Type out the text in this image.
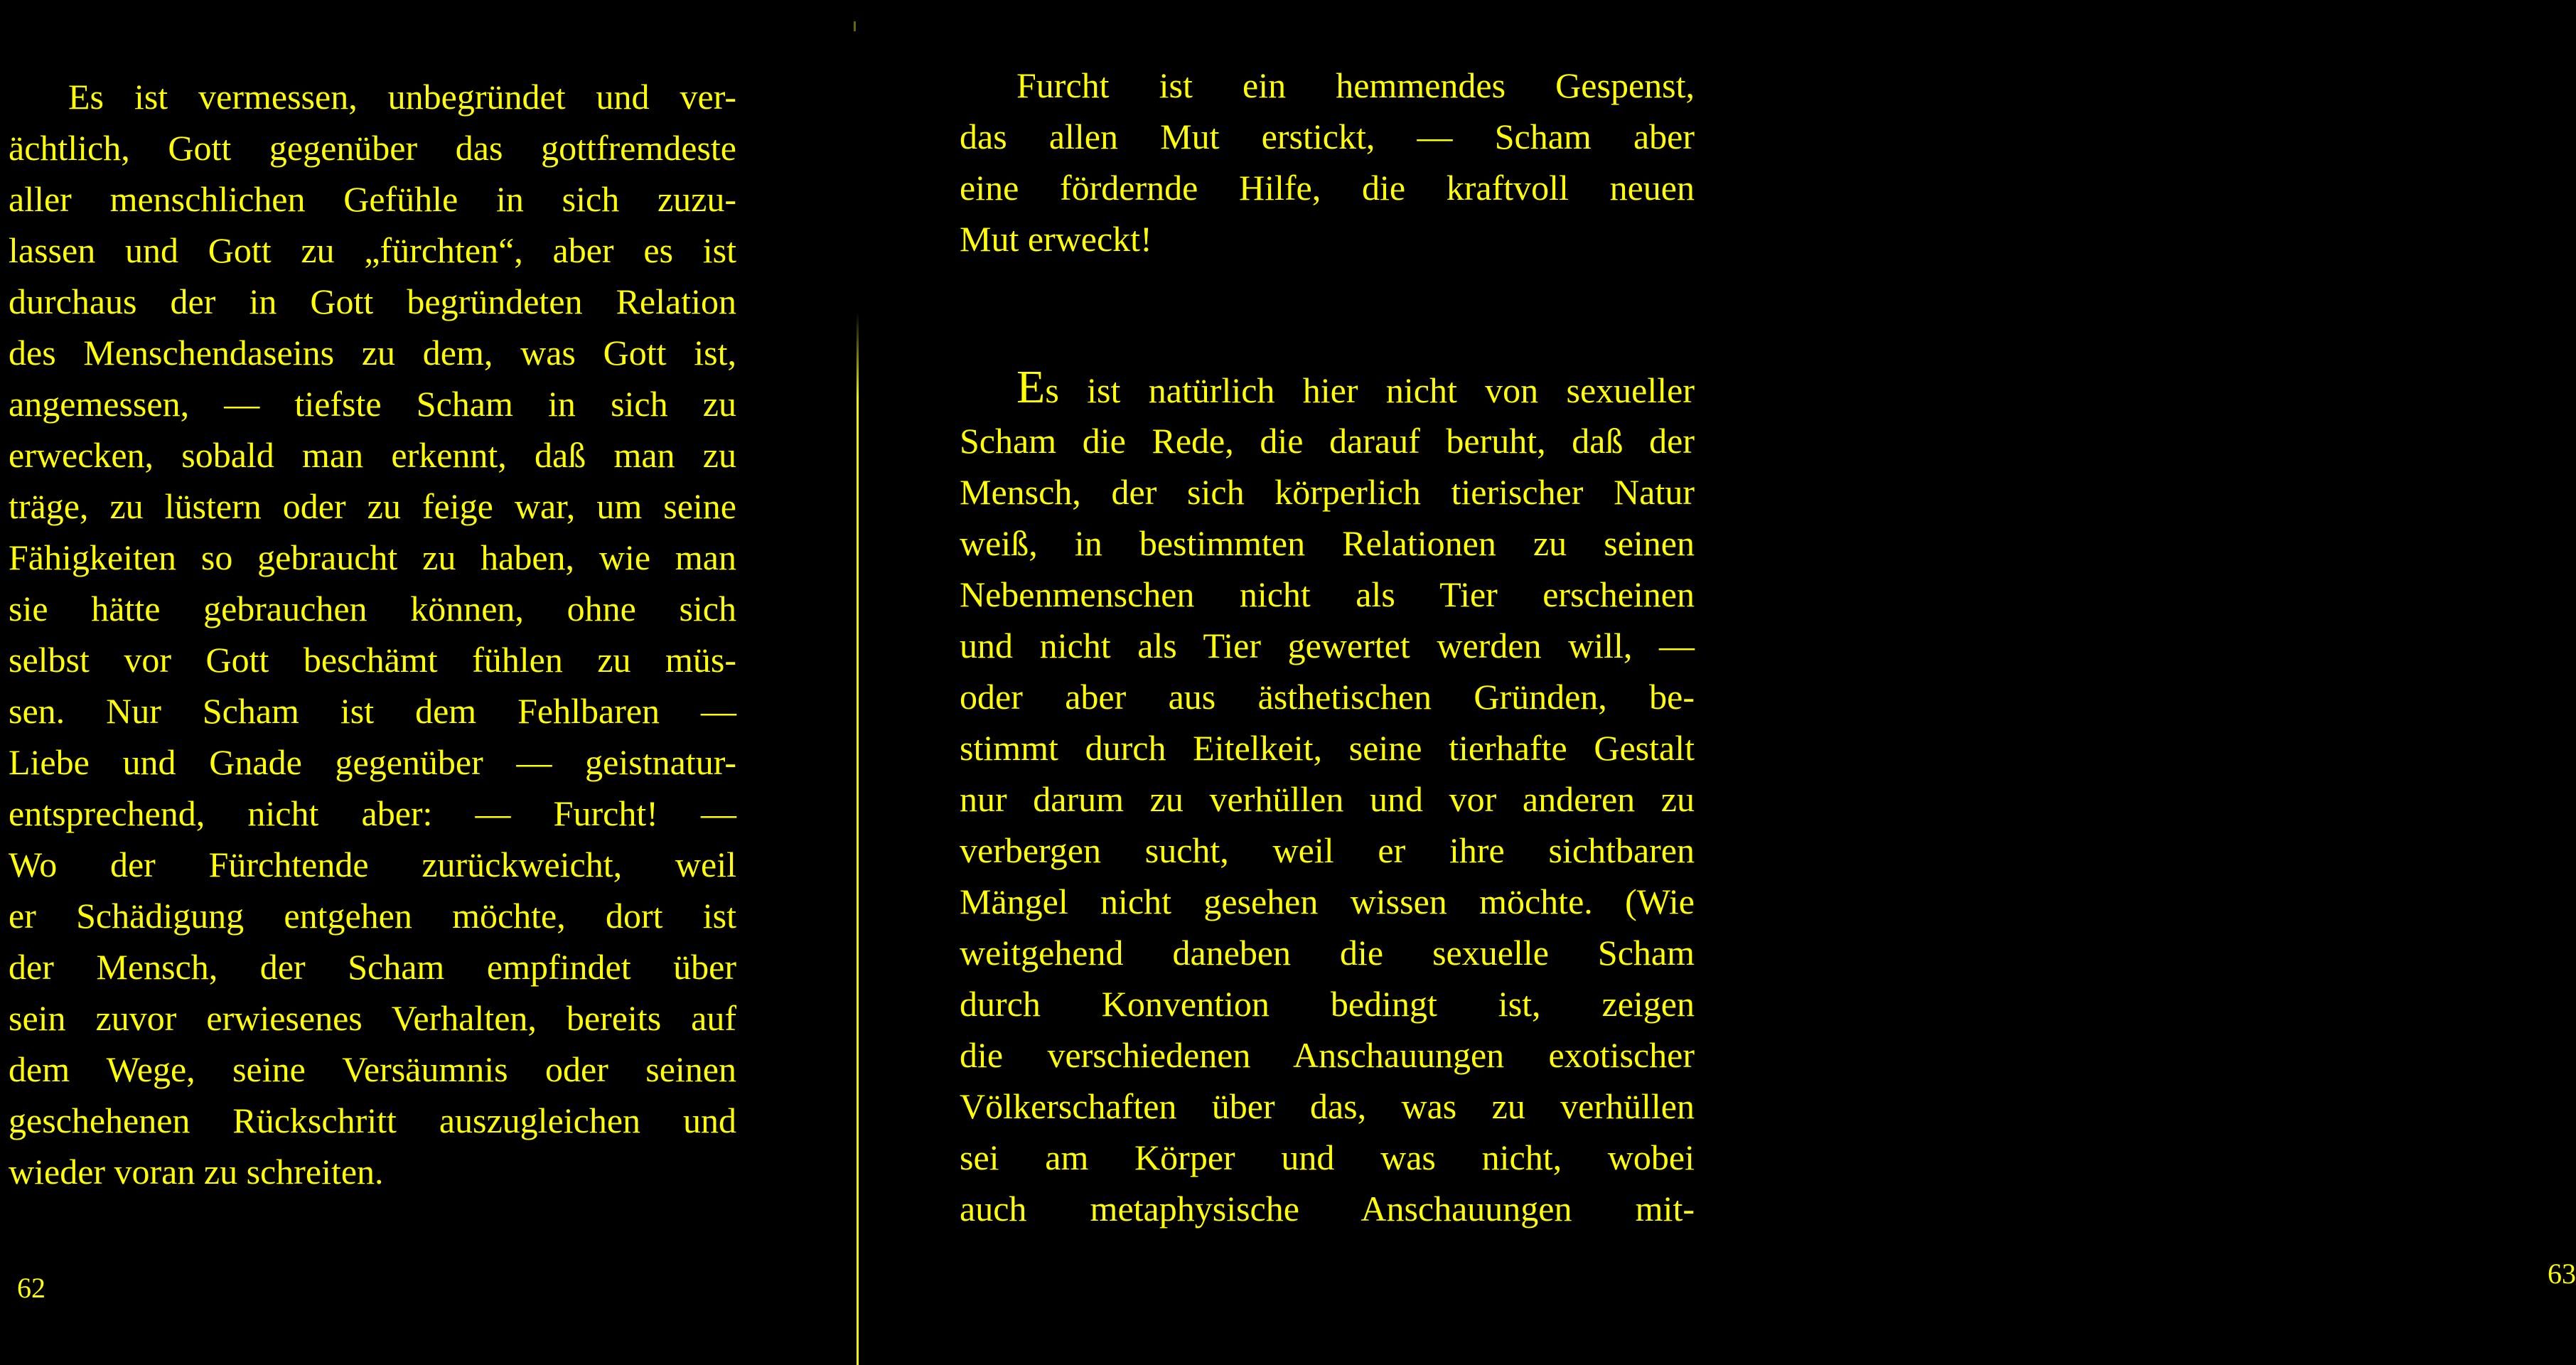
Es ist vermessen, unbegründet und ver-
ächtlich, Gott gegenüber das gottfremdeste
aller menschlichen Gefühle in sich zuzu-
lassen und Gott zu „fürchten“, aber es ist
durchaus der in Gott begründeten Relation
des Menschendaseins zu dem, was Gott ist,
angemessen, — tiefste Scham in sich zu
erwecken, sobald man erkennt, daß man zu
träge, zu lüstern oder zu feige war, um seine
Fähigkeiten so gebraucht zu haben, wie man
sie hätte gebrauchen können, ohne sich
selbst vor Gott beschämt fühlen zu müs-
sen. Nur Scham ist dem Fehlbaren —
Liebe und Gnade gegenüber — geistnatur-
entsprechend, nicht aber: — Furcht! —
Wo der Fürchtende zurückweicht, weil
er Schädigung entgehen möchte, dort ist
der Mensch, der Scham empfindet über
sein zuvor erwiesenes Verhalten, bereits auf
dem Wege, seine Versäumnis oder seinen
geschehenen Rückschritt auszugleichen und
wieder voran zu schreiten.
62
Furcht ist ein hemmendes Gespenst,
das allen Mut erstickt, — Scham aber
eine fördernde Hilfe, die kraftvoll neuen
Mut erweckt!
Es ist natürlich hier nicht von sexueller
Scham die Rede, die darauf beruht, daß der
Mensch, der sich körperlich tierischer Natur
weiß, in bestimmten Relationen zu seinen
Nebenmenschen nicht als Tier erscheinen
und nicht als Tier gewertet werden will, —
oder aber aus ästhetischen Gründen, be-
stimmt durch Eitelkeit, seine tierhafte Gestalt
nur darum zu verhüllen und vor anderen zu
verbergen sucht, weil er ihre sichtbaren
Mängel nicht gesehen wissen möchte. (Wie
weitgehend daneben die sexuelle Scham
durch Konvention bedingt ist, zeigen
die verschiedenen Anschauungen exotischer
Völkerschaften über das, was zu verhüllen
sei am Körper und was nicht, wobei
auch metaphysische Anschauungen mit-
63
